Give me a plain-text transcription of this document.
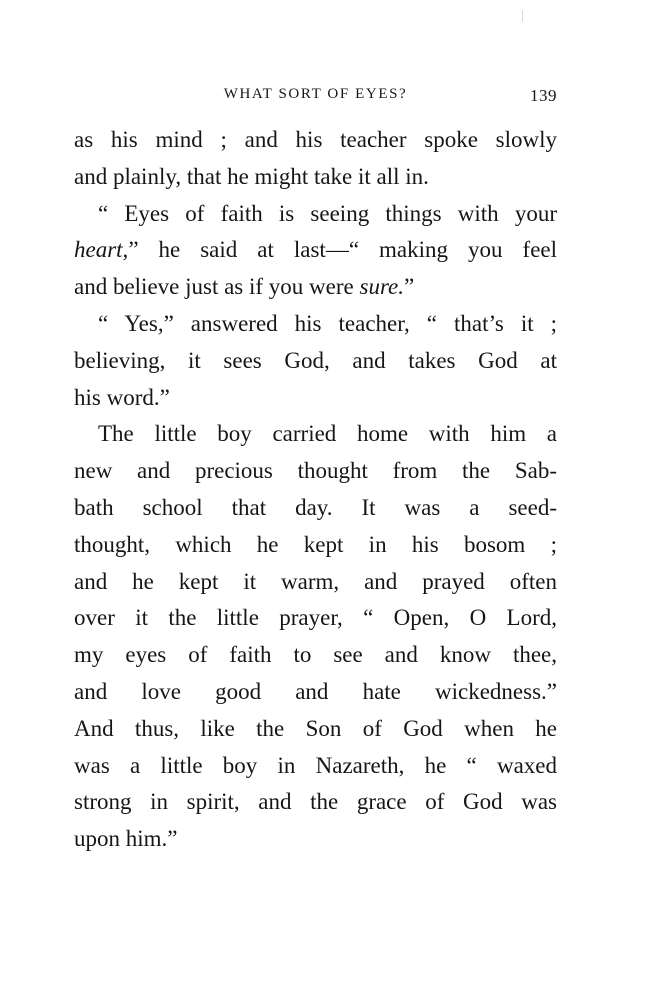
WHAT SORT OF EYES?	139
as his mind ; and his teacher spoke slowly
and plainly, that he might take it all in.
“ Eyes of faith is seeing things with your
heart,” he said at last—“ making you feel
and believe just as if you were sure.”
“ Yes,” answered his teacher, “ that’s it ;
believing, it sees God, and takes God at
his word.”
The little boy carried home with him a
new and precious thought from the Sab-
bath school that day. It was a seed-
thought, which he kept in his bosom ;
and he kept it warm, and prayed often
over it the little prayer, “ Open, O Lord,
my eyes of faith to see and know thee,
and love good and hate wickedness.”
And thus, like the Son of God when he
was a little boy in Nazareth, he “ waxed
strong in spirit, and the grace of God was
upon him.”
